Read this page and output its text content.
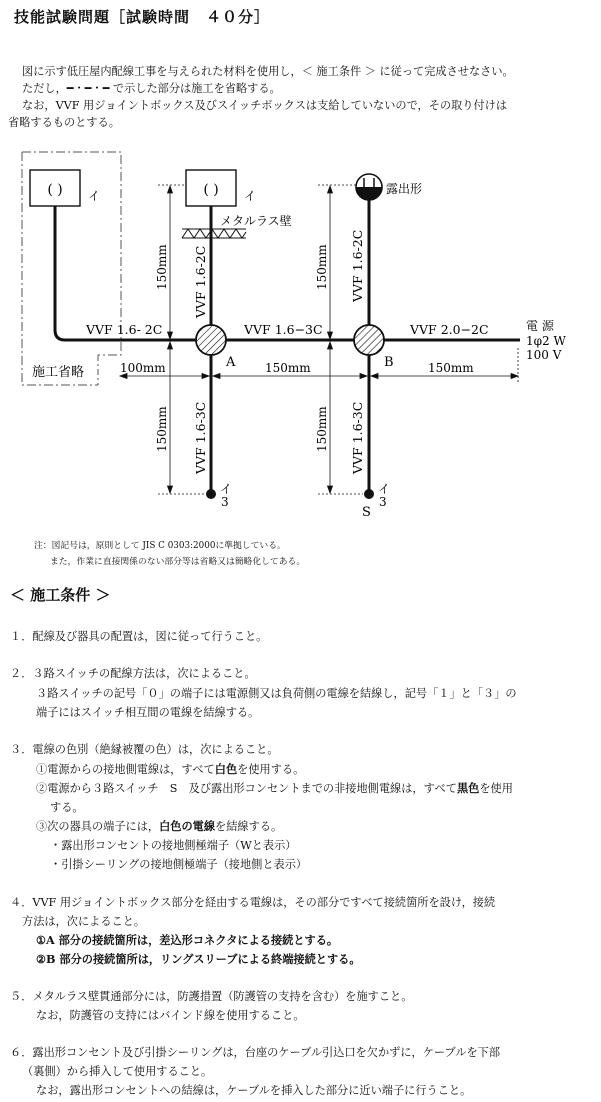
技能試験問題［試験時間　４０分］
図に示す低圧屋内配線工事を与えられた材料を使用し，＜ 施工条件 ＞ に従って完成させなさい。
ただし，━・━・━ で示した部分は施工を省略する。
なお，VVF 用ジョイントボックス及びスイッチボックスは支給していないので，その取り付けは
省略するものとする。
施工省略
( ) イ	( ) イ
メタルラス壁
露出形
A	B
イ
3
イ
3
S
VVF 1.6- 2C	VVF 1.6−3C	VVF 2.0−2C
VVF 1.6-2C	VVF 1.6-2C
VVF 1.6-3C	VVF 1.6-3C
電 源
1φ2 W
100 V
150mm	150mm
150mm	150mm
100mm	150mm	150mm
注：図記号は，原則として JIS C 0303:2000に準拠している。
また，作業に直接関係のない部分等は省略又は簡略化してある。
＜ 施工条件 ＞
１．配線及び器具の配置は，図に従って行うこと。
２．３路スイッチの配線方法は，次によること。
３路スイッチの記号「０」の端子には電源側又は負荷側の電線を結線し，記号「１」と「３」の
端子にはスイッチ相互間の電線を結線する。
３．電線の色別（絶縁被覆の色）は，次によること。
①電源からの接地側電線は，すべて白色を使用する。
②電源から３路スイッチ　S　及び露出形コンセントまでの非接地側電線は，すべて黒色を使用
する。
③次の器具の端子には，白色の電線を結線する。
・露出形コンセントの接地側極端子（Wと表示）
・引掛シーリングの接地側極端子（接地側と表示）
４．VVF 用ジョイントボックス部分を経由する電線は，その部分ですべて接続箇所を設け，接続
方法は，次によること。
①A 部分の接続箇所は，差込形コネクタによる接続とする。
②B 部分の接続箇所は，リングスリーブによる終端接続とする。
５．メタルラス壁貫通部分には，防護措置（防護管の支持を含む）を施すこと。
なお，防護管の支持にはバインド線を使用すること。
６．露出形コンセント及び引掛シーリングは，台座のケーブル引込口を欠かずに，ケーブルを下部
（裏側）から挿入して使用すること。
なお，露出形コンセントへの結線は，ケーブルを挿入した部分に近い端子に行うこと。
